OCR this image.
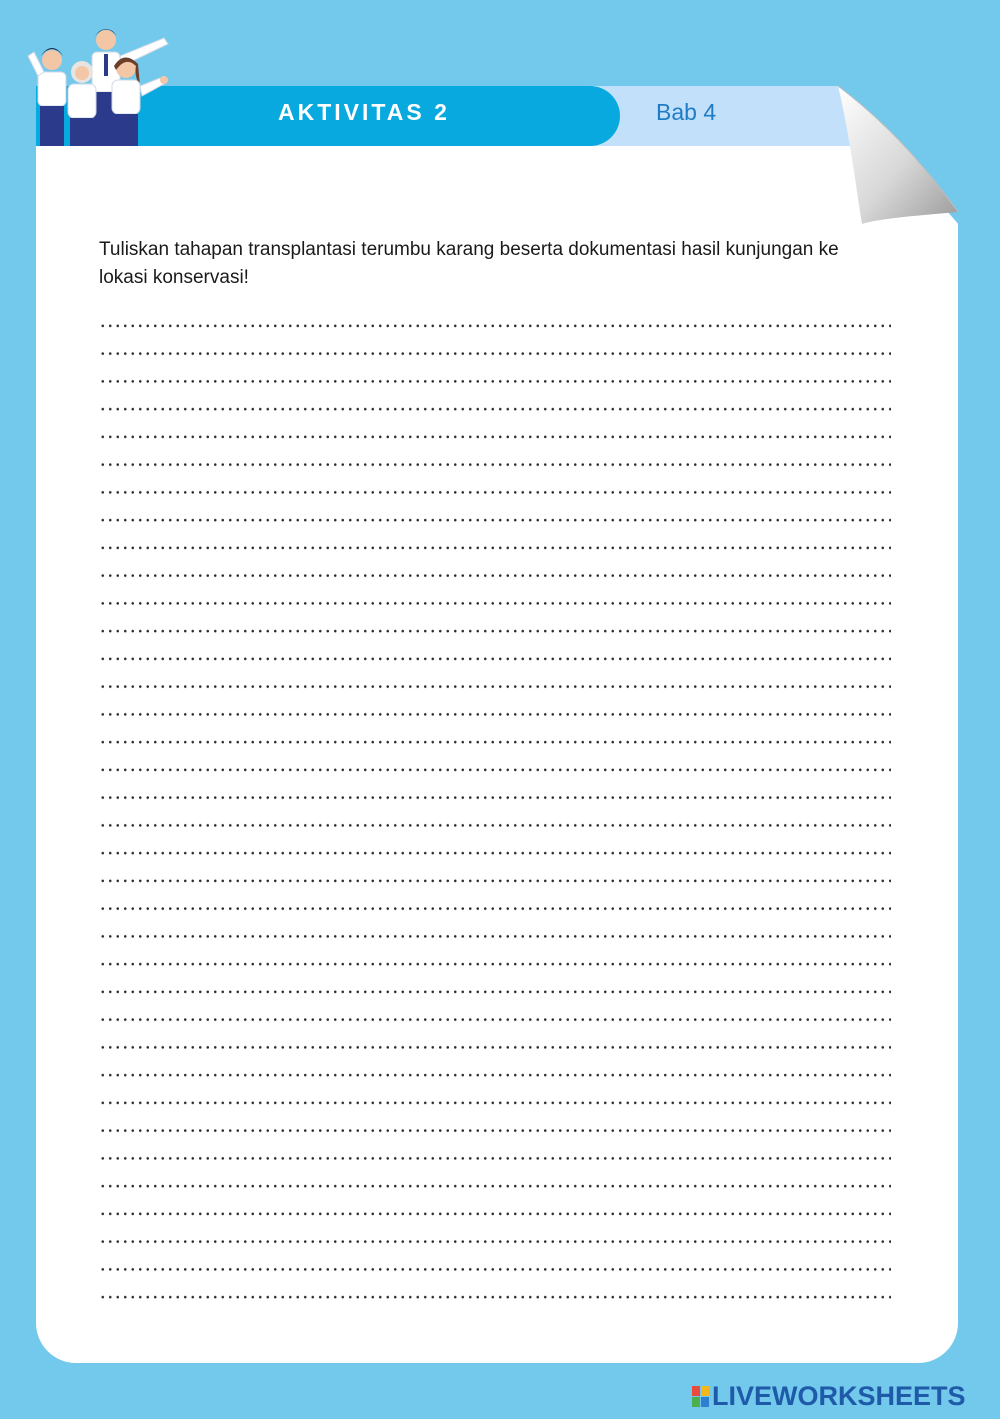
AKTIVITAS 2	Bab 4

Tuliskan tahapan transplantasi terumbu karang beserta dokumentasi hasil kunjungan ke lokasi konservasi!

LIVEWORKSHEETS
